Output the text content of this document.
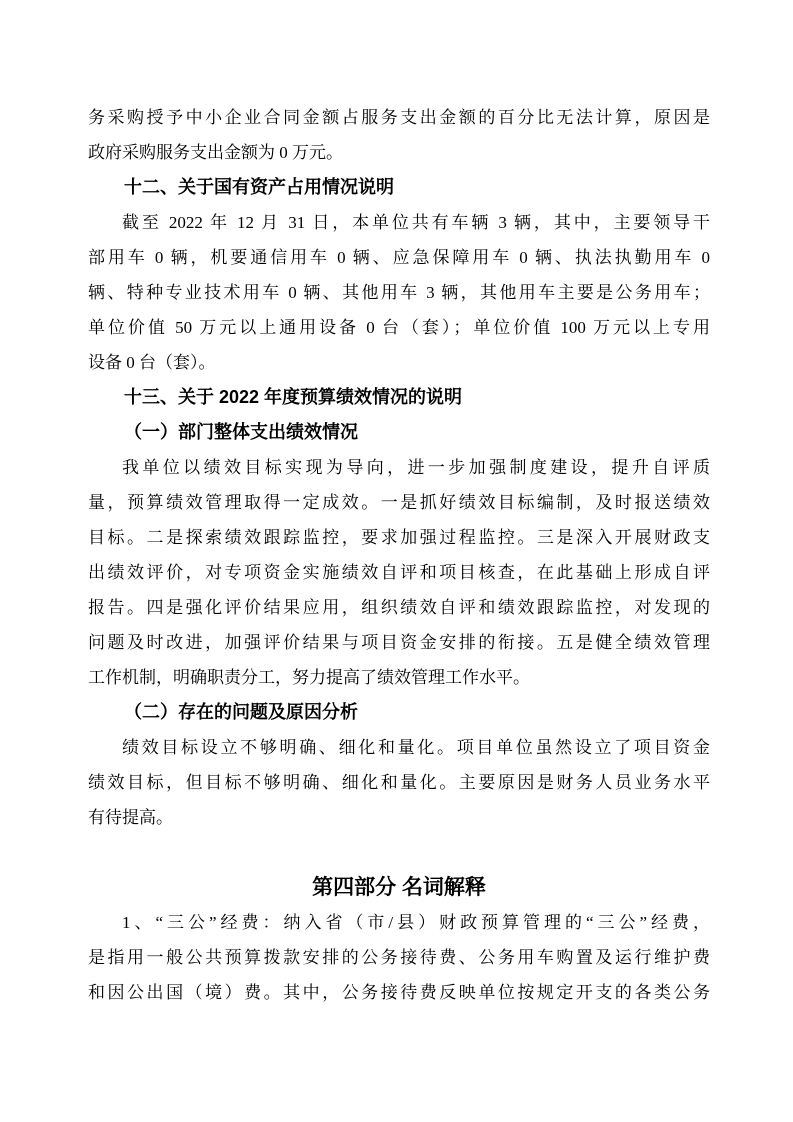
务采购授予中小企业合同金额占服务支出金额的百分比无法计算，原因是
政府采购服务支出金额为 0 万元。
十二、关于国有资产占用情况说明
截至 2022 年 12 月 31 日，本单位共有车辆 3 辆，其中，主要领导干
部用车 0 辆，机要通信用车 0 辆、应急保障用车 0 辆、执法执勤用车 0
辆、特种专业技术用车 0 辆、其他用车 3 辆，其他用车主要是公务用车；
单位价值 50 万元以上通用设备 0 台（套）；单位价值 100 万元以上专用
设备 0 台（套）。
十三、关于 2022 年度预算绩效情况的说明
（一）部门整体支出绩效情况
我单位以绩效目标实现为导向，进一步加强制度建设，提升自评质
量，预算绩效管理取得一定成效。一是抓好绩效目标编制，及时报送绩效
目标。二是探索绩效跟踪监控，要求加强过程监控。三是深入开展财政支
出绩效评价，对专项资金实施绩效自评和项目核查，在此基础上形成自评
报告。四是强化评价结果应用，组织绩效自评和绩效跟踪监控，对发现的
问题及时改进，加强评价结果与项目资金安排的衔接。五是健全绩效管理
工作机制，明确职责分工，努力提高了绩效管理工作水平。
（二）存在的问题及原因分析
绩效目标设立不够明确、细化和量化。项目单位虽然设立了项目资金
绩效目标，但目标不够明确、细化和量化。主要原因是财务人员业务水平
有待提高。
第四部分 名词解释
1、“三公”经费：纳入省（市/县）财政预算管理的“三公”经费，
是指用一般公共预算拨款安排的公务接待费、公务用车购置及运行维护费
和因公出国（境）费。其中，公务接待费反映单位按规定开支的各类公务
